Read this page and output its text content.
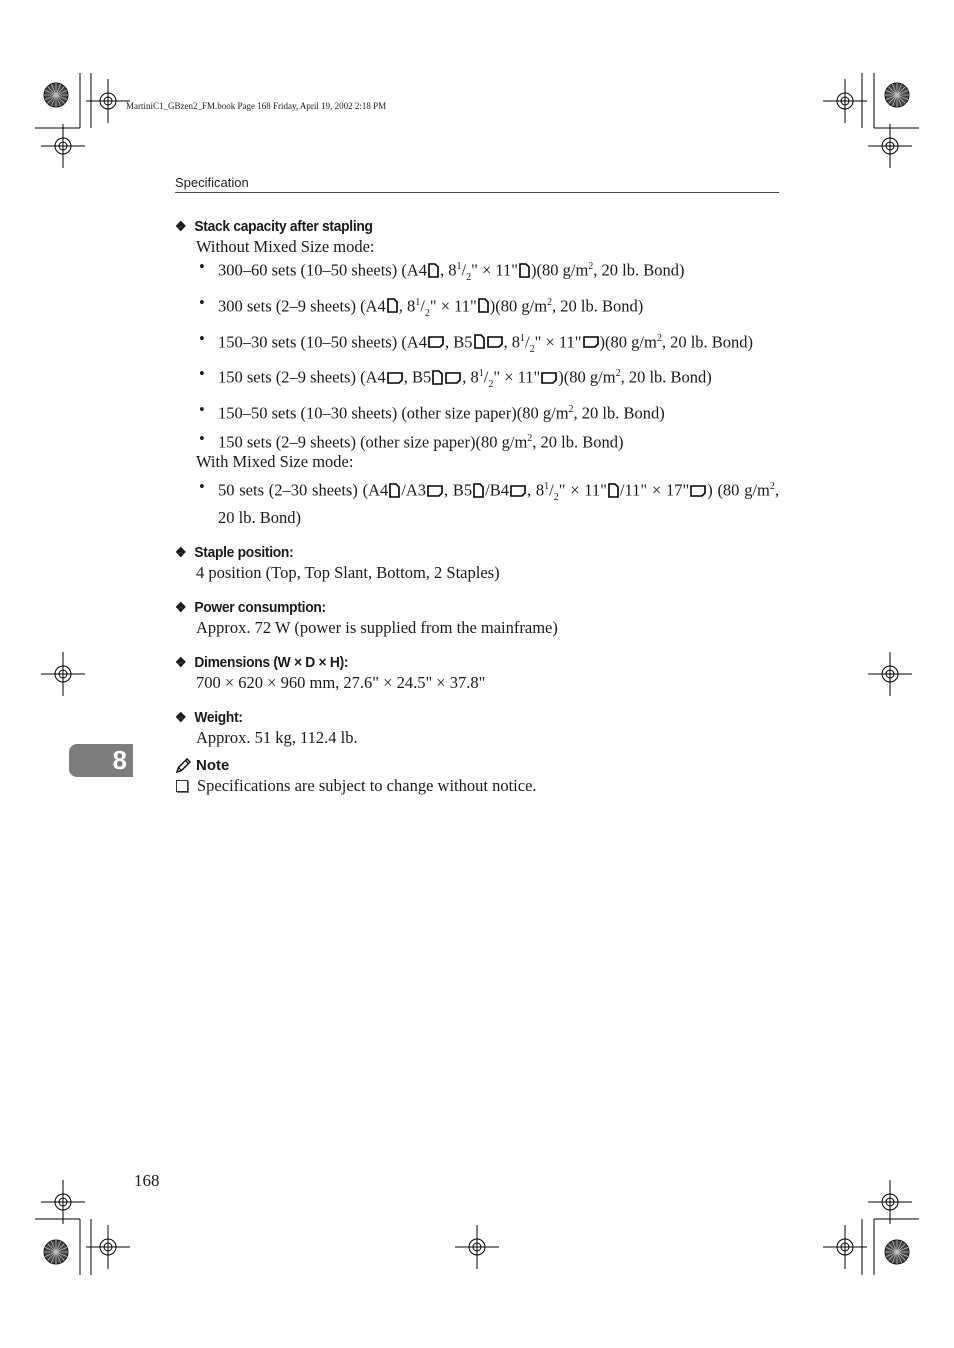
MartiniC1_GBzen2_FM.book Page 168 Friday, April 19, 2002 2:18 PM
Specification
8
❖ Stack capacity after stapling
Without Mixed Size mode:
• 300–60 sets (10–50 sheets) (A4 , $8^1/_2$" × 11" )(80 $g/m^2$, 20 lb. Bond)
• 300 sets (2–9 sheets) (A4 , $8^1/_2$" × 11" )(80 $g/m^2$, 20 lb. Bond)
• 150–30 sets (10–50 sheets) (A4 , B5 , $8^1/_2$" × 11" )(80 $g/m^2$, 20 lb. Bond)
• 150 sets (2–9 sheets) (A4 , B5 , $8^1/_2$" × 11" )(80 $g/m^2$, 20 lb. Bond)
• 150–50 sets (10–30 sheets) (other size paper)(80 $g/m^2$, 20 lb. Bond)
• 150 sets (2–9 sheets) (other size paper)(80 $g/m^2$, 20 lb. Bond)
With Mixed Size mode:
• 50 sets (2–30 sheets) (A4 /A3 , B5 /B4 , $8^1/_2$" × 11" /11" × 17" ) (80 $g/m^2$, 20 lb. Bond)
❖ Staple position:
4 position (Top, Top Slant, Bottom, 2 Staples)
❖ Power consumption:
Approx. 72 W (power is supplied from the mainframe)
❖ Dimensions (W × D × H):
700 × 620 × 960 mm, 27.6" × 24.5" × 37.8"
❖ Weight:
Approx. 51 kg, 112.4 lb.
Note
Specifications are subject to change without notice.
168
